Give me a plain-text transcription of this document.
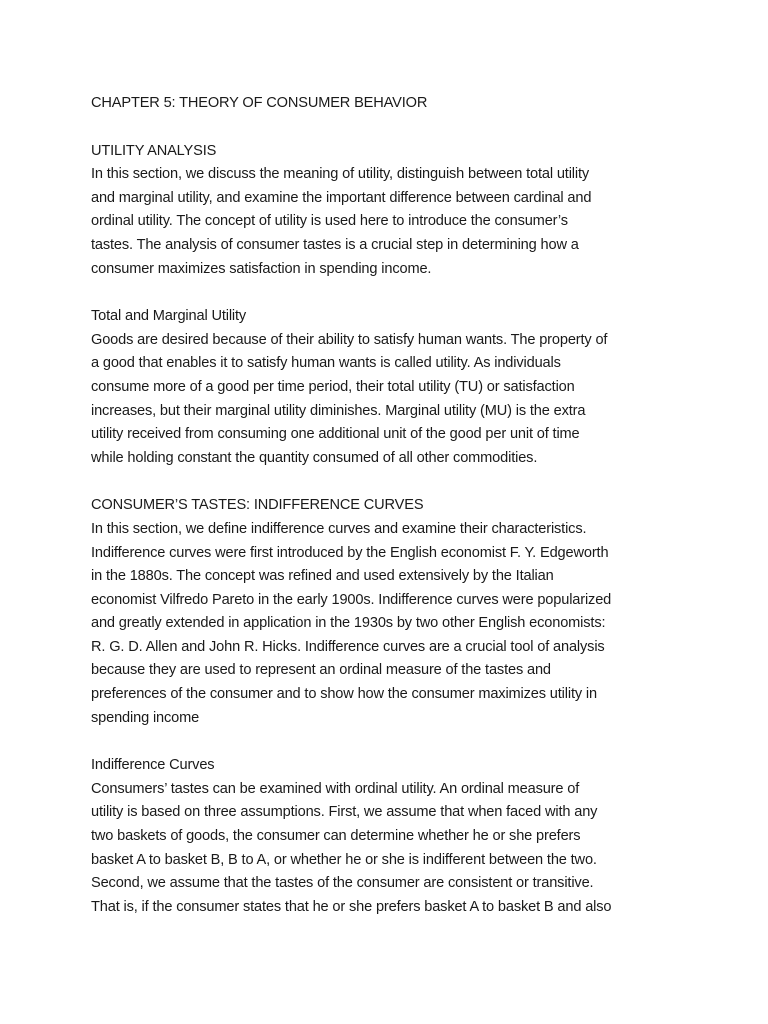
CHAPTER 5: THEORY OF CONSUMER BEHAVIOR
UTILITY ANALYSIS

In this section, we discuss the meaning of utility, distinguish between total utility
and marginal utility, and examine the important difference between cardinal and
ordinal utility. The concept of utility is used here to introduce the consumer’s
tastes. The analysis of consumer tastes is a crucial step in determining how a
consumer maximizes satisfaction in spending income.

Total and Marginal Utility

Goods are desired because of their ability to satisfy human wants. The property of
a good that enables it to satisfy human wants is called utility. As individuals
consume more of a good per time period, their total utility (TU) or satisfaction
increases, but their marginal utility diminishes. Marginal utility (MU) is the extra
utility received from consuming one additional unit of the good per unit of time
while holding constant the quantity consumed of all other commodities.

CONSUMER’S TASTES: INDIFFERENCE CURVES

In this section, we define indifference curves and examine their characteristics.
Indifference curves were first introduced by the English economist F. Y. Edgeworth
in the 1880s. The concept was refined and used extensively by the Italian
economist Vilfredo Pareto in the early 1900s. Indifference curves were popularized
and greatly extended in application in the 1930s by two other English economists:
R. G. D. Allen and John R. Hicks. Indifference curves are a crucial tool of analysis
because they are used to represent an ordinal measure of the tastes and
preferences of the consumer and to show how the consumer maximizes utility in
spending income

Indifference Curves

Consumers’ tastes can be examined with ordinal utility. An ordinal measure of
utility is based on three assumptions. First, we assume that when faced with any
two baskets of goods, the consumer can determine whether he or she prefers
basket A to basket B, B to A, or whether he or she is indifferent between the two.
Second, we assume that the tastes of the consumer are consistent or transitive.
That is, if the consumer states that he or she prefers basket A to basket B and also
